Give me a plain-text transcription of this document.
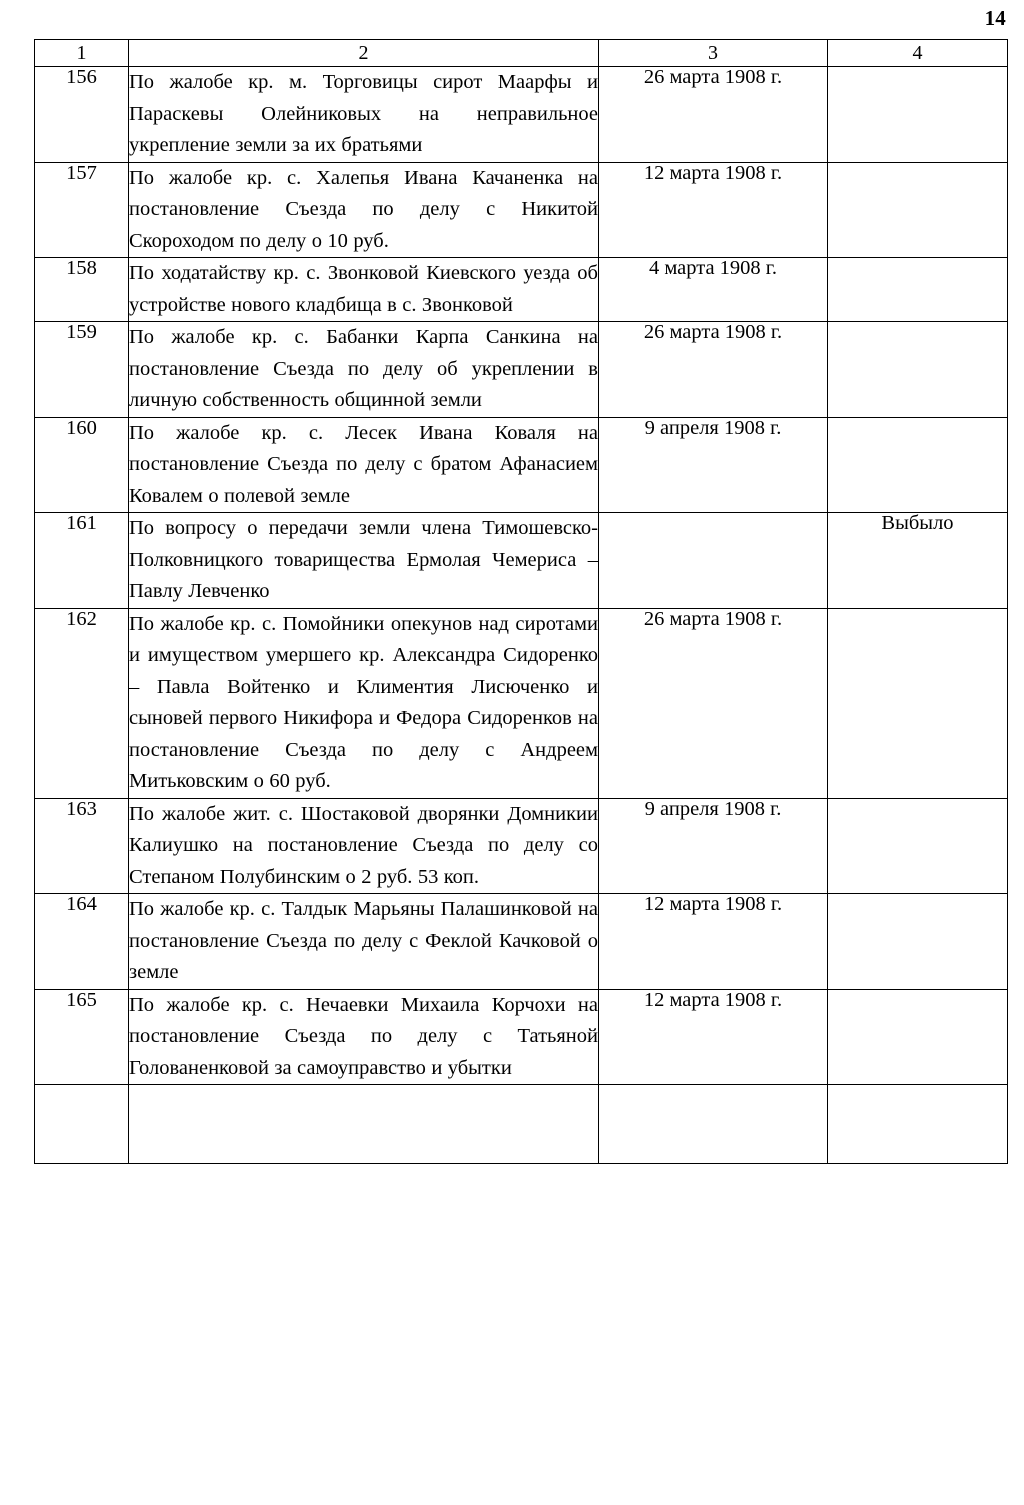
14
1	2	3	4
156	По жалобе кр. м. Торговицы сирот Маарфы и Параскевы Олейниковых на неправильное укрепление земли за их братьями	26 марта 1908 г.	
157	По жалобе кр. с. Халепья Ивана Качаненка на постановление Съезда по делу с Никитой Скороходом по делу о 10 руб.	12 марта 1908 г.	
158	По ходатайству кр. с. Звонковой Киевского уезда об устройстве нового кладбища в с. Звонковой	4 марта 1908 г.	
159	По жалобе кр. с. Бабанки Карпа Санкина на постановление Съезда по делу об укреплении в личную собственность общинной земли	26 марта 1908 г.	
160	По жалобе кр. с. Лесек Ивана Коваля на постановление Съезда по делу с братом Афанасием Ковалем о полевой земле	9 апреля 1908 г.	
161	По вопросу о передачи земли члена Тимошевско-Полковницкого товарищества Ермолая Чемериса – Павлу Левченко		Выбыло
162	По жалобе кр. с. Помойники опекунов над сиротами и имуществом умершего кр. Александра Сидоренко – Павла Войтенко и Климентия Лисюченко и сыновей первого Никифора и Федора Сидоренков на постановление Съезда по делу с Андреем Митьковским о 60 руб.	26 марта 1908 г.	
163	По жалобе жит. с. Шостаковой дворянки Домникии Калиушко на постановление Съезда по делу со Степаном Полубинским о 2 руб. 53 коп.	9 апреля 1908 г.	
164	По жалобе кр. с. Талдык Марьяны Палашинковой на постановление Съезда по делу с Феклой Качковой о земле	12 марта 1908 г.	
165	По жалобе кр. с. Нечаевки Михаила Корчохи на постановление Съезда по делу с Татьяной Голованенковой за самоуправство и убытки	12 марта 1908 г.	
